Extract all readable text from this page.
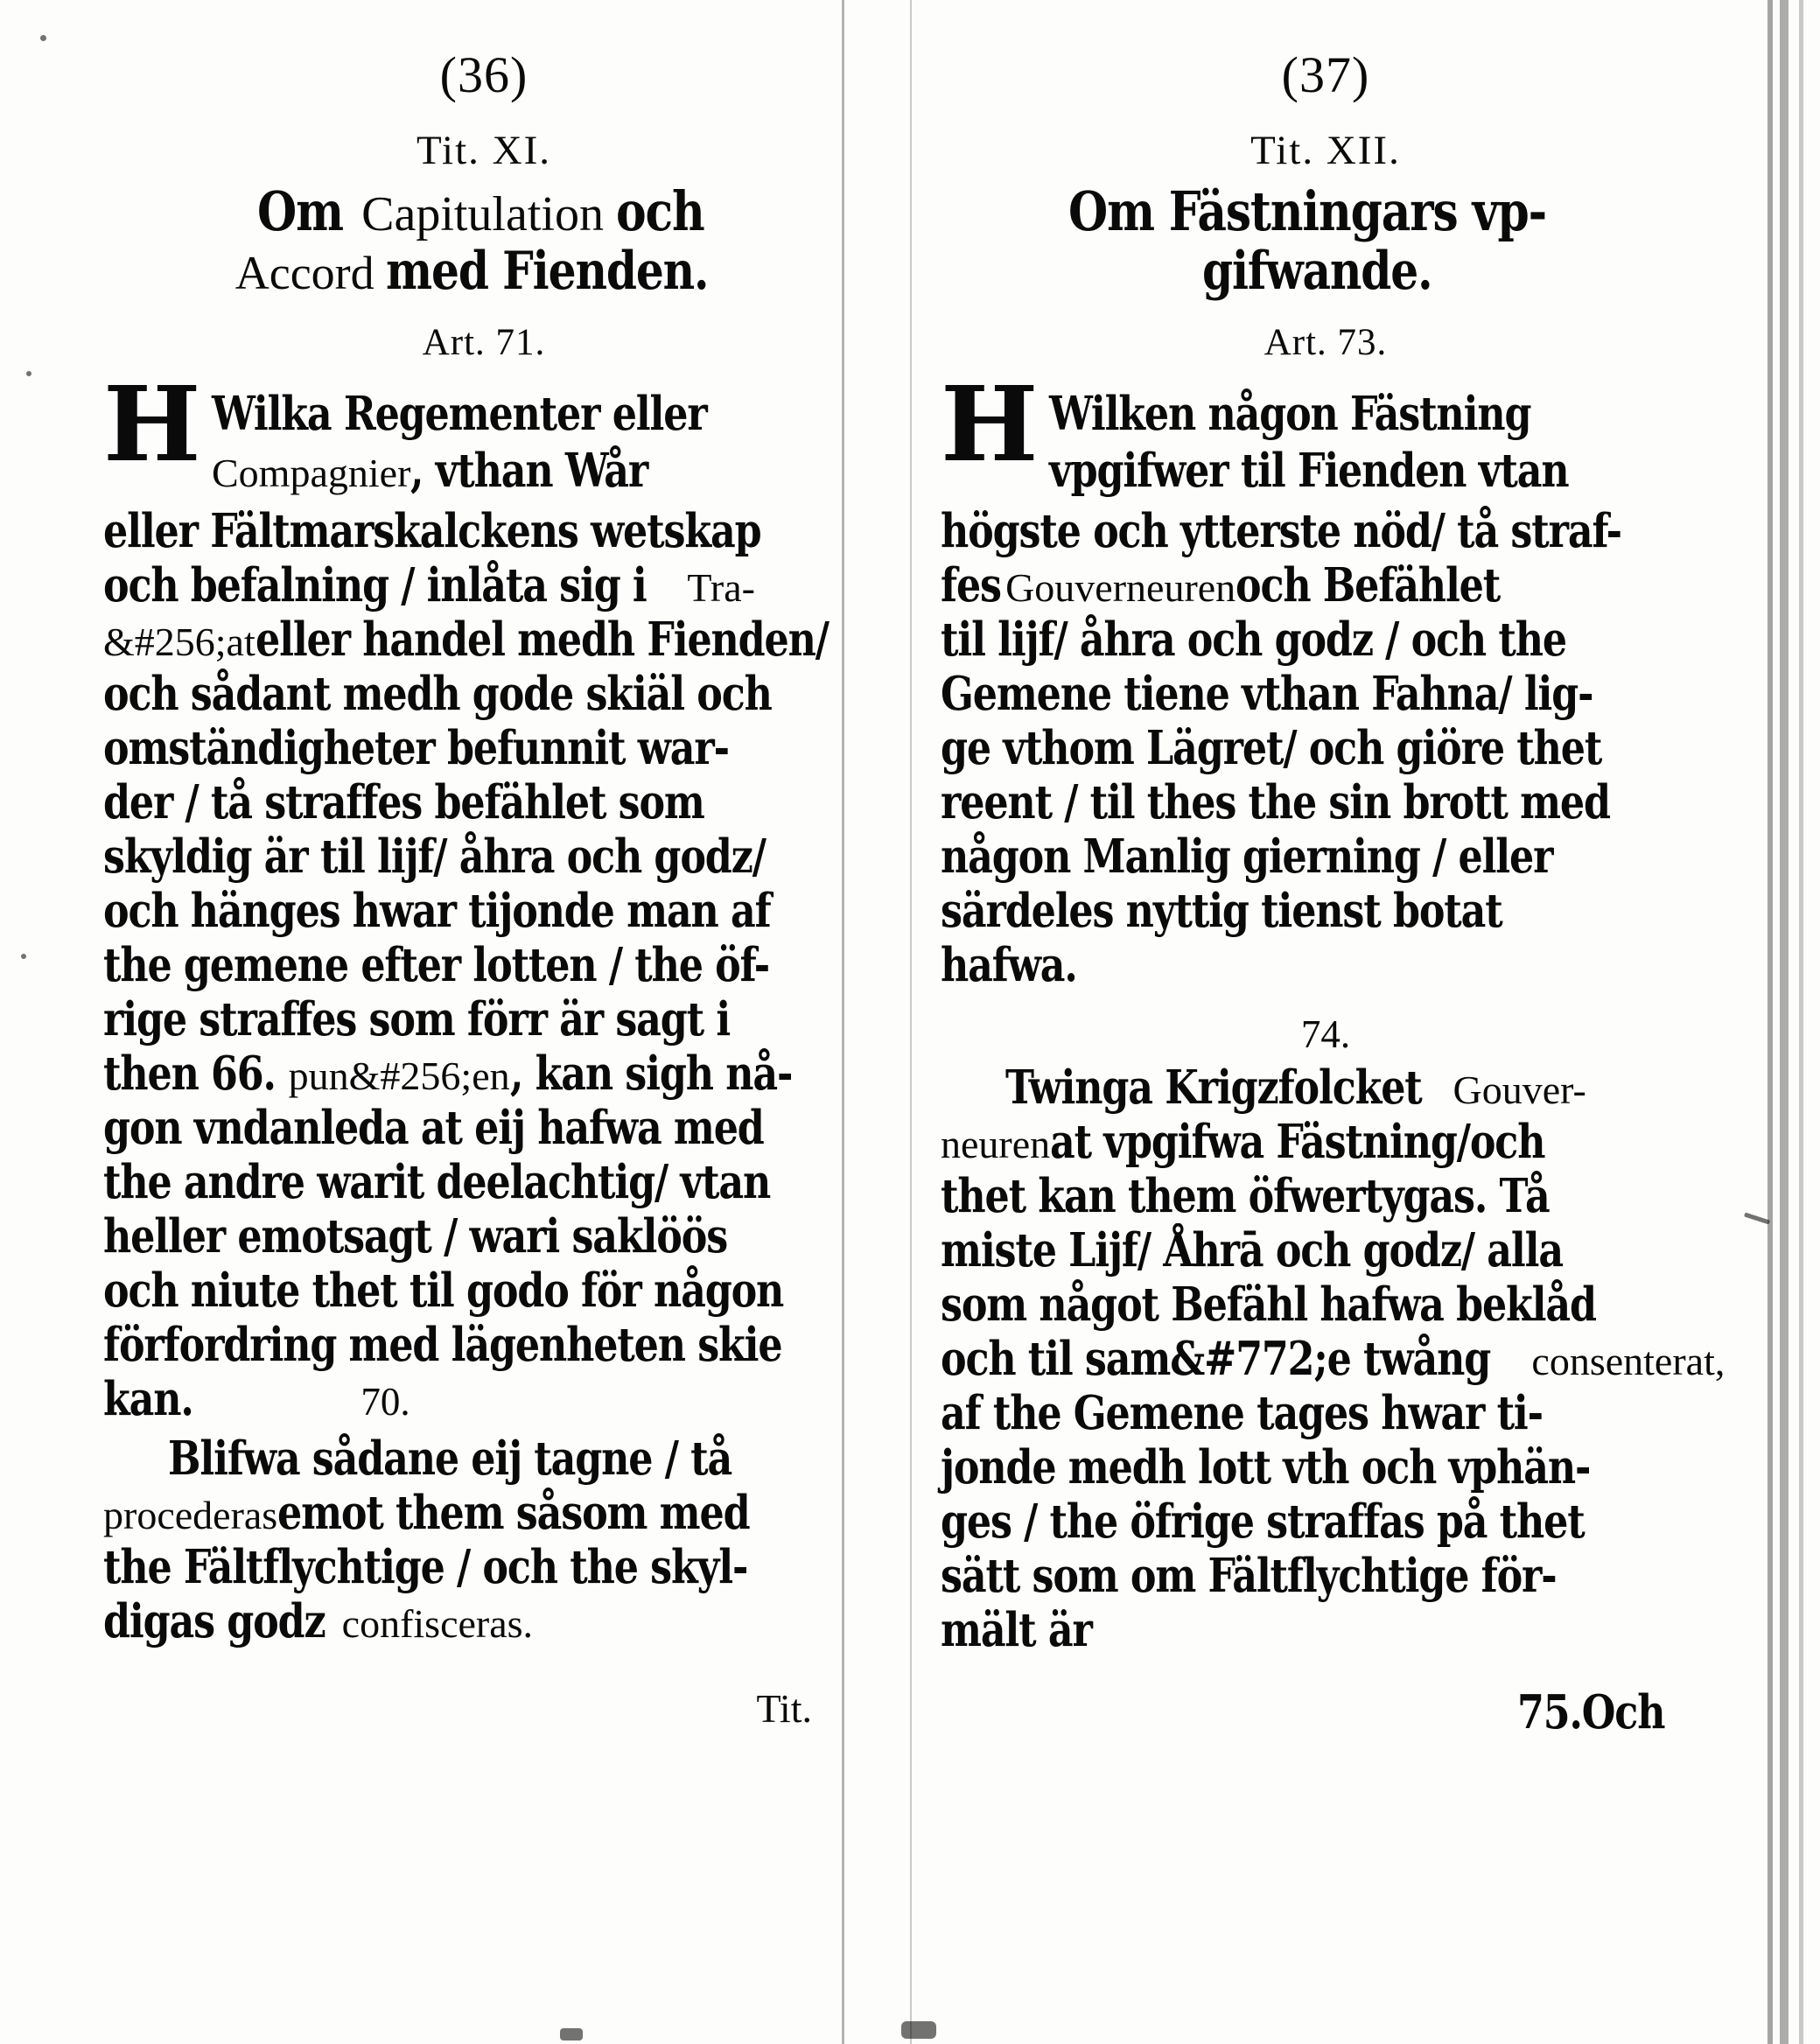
(36)
Tit. XI.
Om Capitulation och
Accord med Fienden.
Art. 71.
H Wilka Regementer eller
Compagnier, vthan Wår
eller Fältmarskalckens wetskap
och befalning / inlåta sig iTra-
&#256;ateller handel medh Fienden/
och sådant medh gode skiäl och
omständigheter befunnit war-
der / tå straffes befählet som
skyldig är til lijf/ åhra och godz/
och hänges hwar tijonde man af
the gemene efter lotten / the öf-
rige straffes som förr är sagt i
then 66.pun&#256;en, kan sigh nå-
gon vndanleda at eij hafwa med
the andre warit deelachtig/ vtan
heller emotsagt / wari saklöös
och niute thet til godo för någon
förfordring med lägenheten skie
kan.	70.
Blifwa sådane eij tagne / tå
procederasemot them såsom med
the Fältflychtige / och the skyl-
digas godzconfisceras.
Tit.
(37)
Tit. XII.
Om Fästningars vp-
gifwande.
Art. 73.
H Wilken någon Fästning
vpgifwer til Fienden vtan
högste och ytterste nöd/ tå straf-
fesGouverneurenoch Befählet
til lijf/ åhra och godz / och the
Gemene tiene vthan Fahna/ lig-
ge vthom Lägret/ och giöre thet
reent / til thes the sin brott med
någon Manlig gierning / eller
särdeles nyttig tienst botat
hafwa.
74.
Twinga KrigzfolcketGouver-
neurenat vpgifwa Fästning/och
thet kan them öfwertygas. Tå
miste Lijf/ Åhrā och godz/ alla
som något Befähl hafwa beklåd
och til sam&#772;e twångconsenterat,
af the Gemene tages hwar ti-
jonde medh lott vth och vphän-
ges / the öfrige straffas på thet
sätt som om Fältflychtige för-
mält är
75.Och
